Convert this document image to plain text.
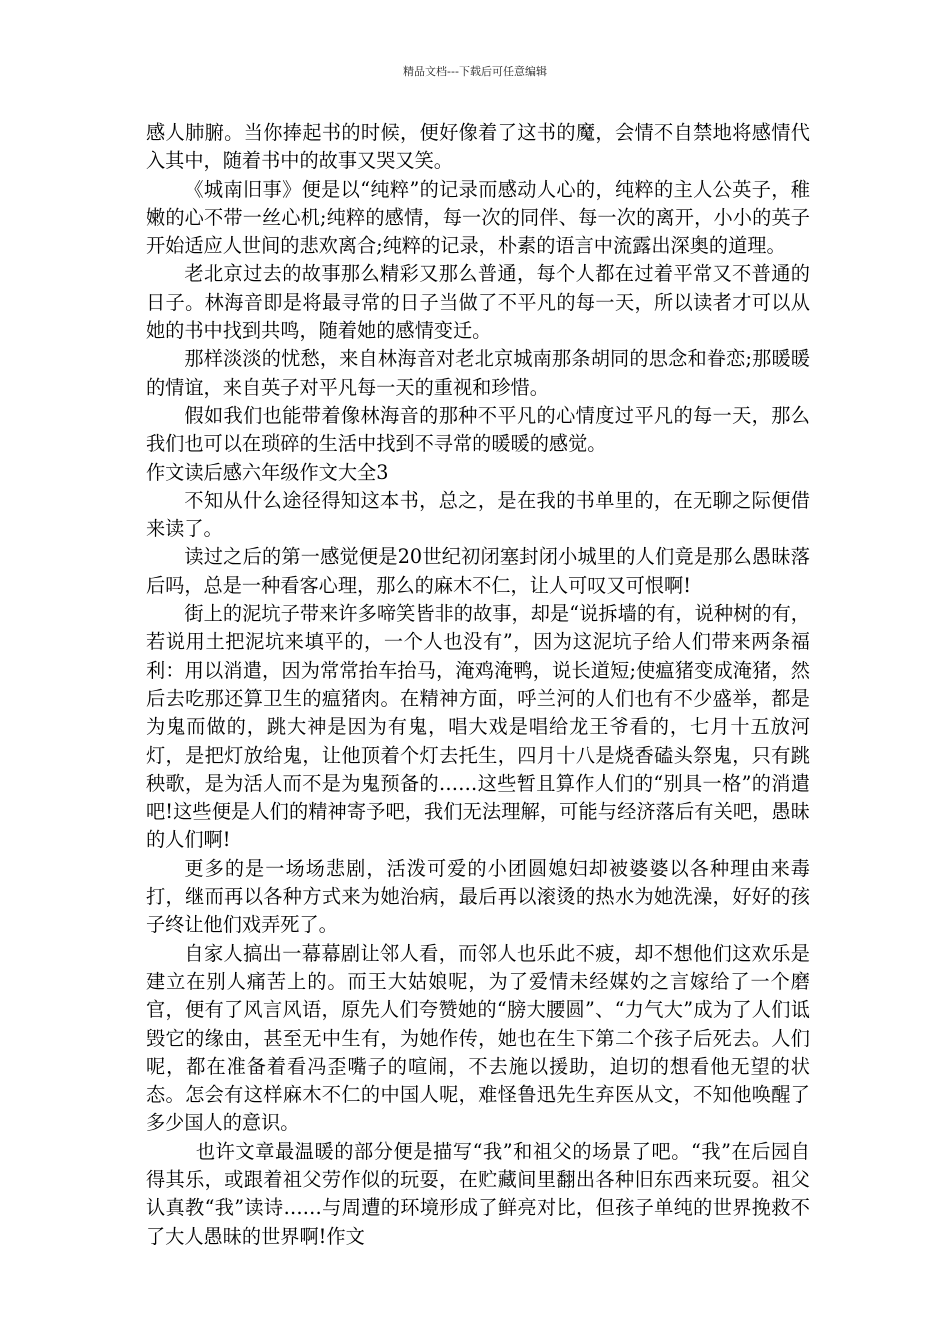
精品文档---下载后可任意编辑

感人肺腑。当你捧起书的时候，便好像着了这书的魔，会情不自禁地将感情代入其中，随着书中的故事又哭又笑。

《城南旧事》便是以“纯粹”的记录而感动人心的，纯粹的主人公英子，稚嫩的心不带一丝心机;纯粹的感情，每一次的同伴、每一次的离开，小小的英子开始适应人世间的悲欢离合;纯粹的记录，朴素的语言中流露出深奥的道理。

老北京过去的故事那么精彩又那么普通，每个人都在过着平常又不普通的日子。林海音即是将最寻常的日子当做了不平凡的每一天，所以读者才可以从她的书中找到共鸣，随着她的感情变迁。

那样淡淡的忧愁，来自林海音对老北京城南那条胡同的思念和眷恋;那暖暖的情谊，来自英子对平凡每一天的重视和珍惜。

假如我们也能带着像林海音的那种不平凡的心情度过平凡的每一天，那么我们也可以在琐碎的生活中找到不寻常的暖暖的感觉。

作文读后感六年级作文大全3

不知从什么途径得知这本书，总之，是在我的书单里的，在无聊之际便借来读了。

读过之后的第一感觉便是20世纪初闭塞封闭小城里的人们竟是那么愚昧落后吗，总是一种看客心理，那么的麻木不仁，让人可叹又可恨啊!

街上的泥坑子带来许多啼笑皆非的故事，却是“说拆墙的有，说种树的有，若说用土把泥坑来填平的，一个人也没有”，因为这泥坑子给人们带来两条福利：用以消遣，因为常常抬车抬马，淹鸡淹鸭，说长道短;使瘟猪变成淹猪，然后去吃那还算卫生的瘟猪肉。在精神方面，呼兰河的人们也有不少盛举，都是为鬼而做的，跳大神是因为有鬼，唱大戏是唱给龙王爷看的，七月十五放河灯，是把灯放给鬼，让他顶着个灯去托生，四月十八是烧香磕头祭鬼，只有跳秧歌，是为活人而不是为鬼预备的……这些暂且算作人们的“别具一格”的消遣吧!这些便是人们的精神寄予吧，我们无法理解，可能与经济落后有关吧，愚昧的人们啊!

更多的是一场场悲剧，活泼可爱的小团圆媳妇却被婆婆以各种理由来毒打，继而再以各种方式来为她治病，最后再以滚烫的热水为她洗澡，好好的孩子终让他们戏弄死了。

自家人搞出一幕幕剧让邻人看，而邻人也乐此不疲，却不想他们这欢乐是建立在别人痛苦上的。而王大姑娘呢，为了爱情未经媒妁之言嫁给了一个磨官，便有了风言风语，原先人们夸赞她的“膀大腰圆”、“力气大”成为了人们诋毁它的缘由，甚至无中生有，为她作传，她也在生下第二个孩子后死去。人们呢，都在准备着看冯歪嘴子的喧闹，不去施以援助，迫切的想看他无望的状态。怎会有这样麻木不仁的中国人呢，难怪鲁迅先生弃医从文，不知他唤醒了多少国人的意识。

也许文章最温暖的部分便是描写“我”和祖父的场景了吧。“我”在后园自得其乐，或跟着祖父劳作似的玩耍，在贮藏间里翻出各种旧东西来玩耍。祖父认真教“我”读诗……与周遭的环境形成了鲜亮对比，但孩子单纯的世界挽救不了大人愚昧的世界啊!作文
